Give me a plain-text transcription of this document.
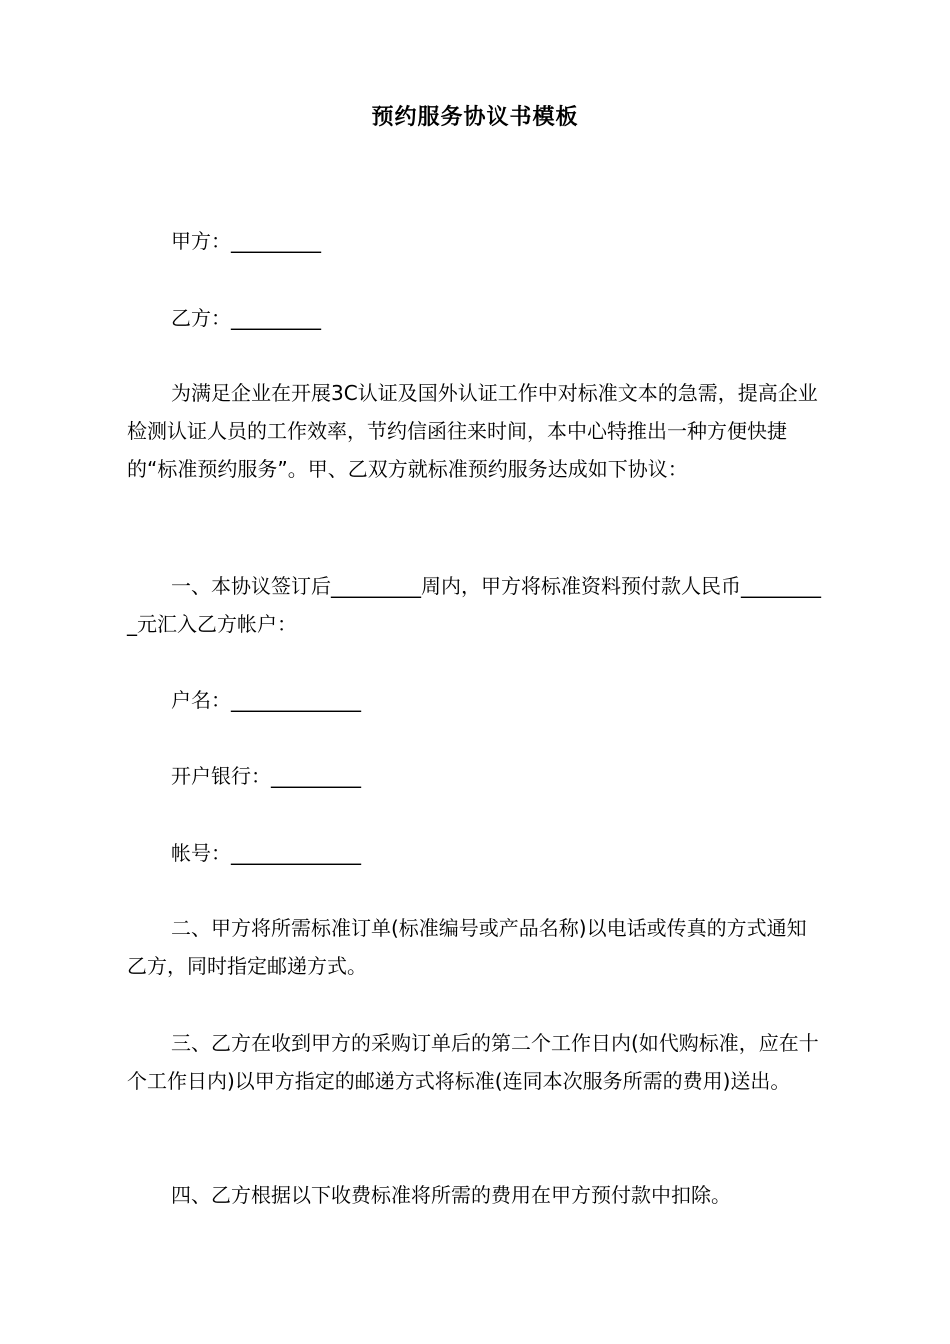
预约服务协议书模板

甲方：_________

乙方：_________

为满足企业在开展3C认证及国外认证工作中对标准文本的急需，提高企业检测认证人员的工作效率，节约信函往来时间，本中心特推出一种方便快捷的“标准预约服务”。甲、乙双方就标准预约服务达成如下协议：

一、本协议签订后_________周内，甲方将标准资料预付款人民币_________元汇入乙方帐户：

户名：_____________

开户银行：_________

帐号：_____________

二、甲方将所需标准订单(标准编号或产品名称)以电话或传真的方式通知乙方，同时指定邮递方式。

三、乙方在收到甲方的采购订单后的第二个工作日内(如代购标准，应在十个工作日内)以甲方指定的邮递方式将标准(连同本次服务所需的费用)送出。

四、乙方根据以下收费标准将所需的费用在甲方预付款中扣除。
